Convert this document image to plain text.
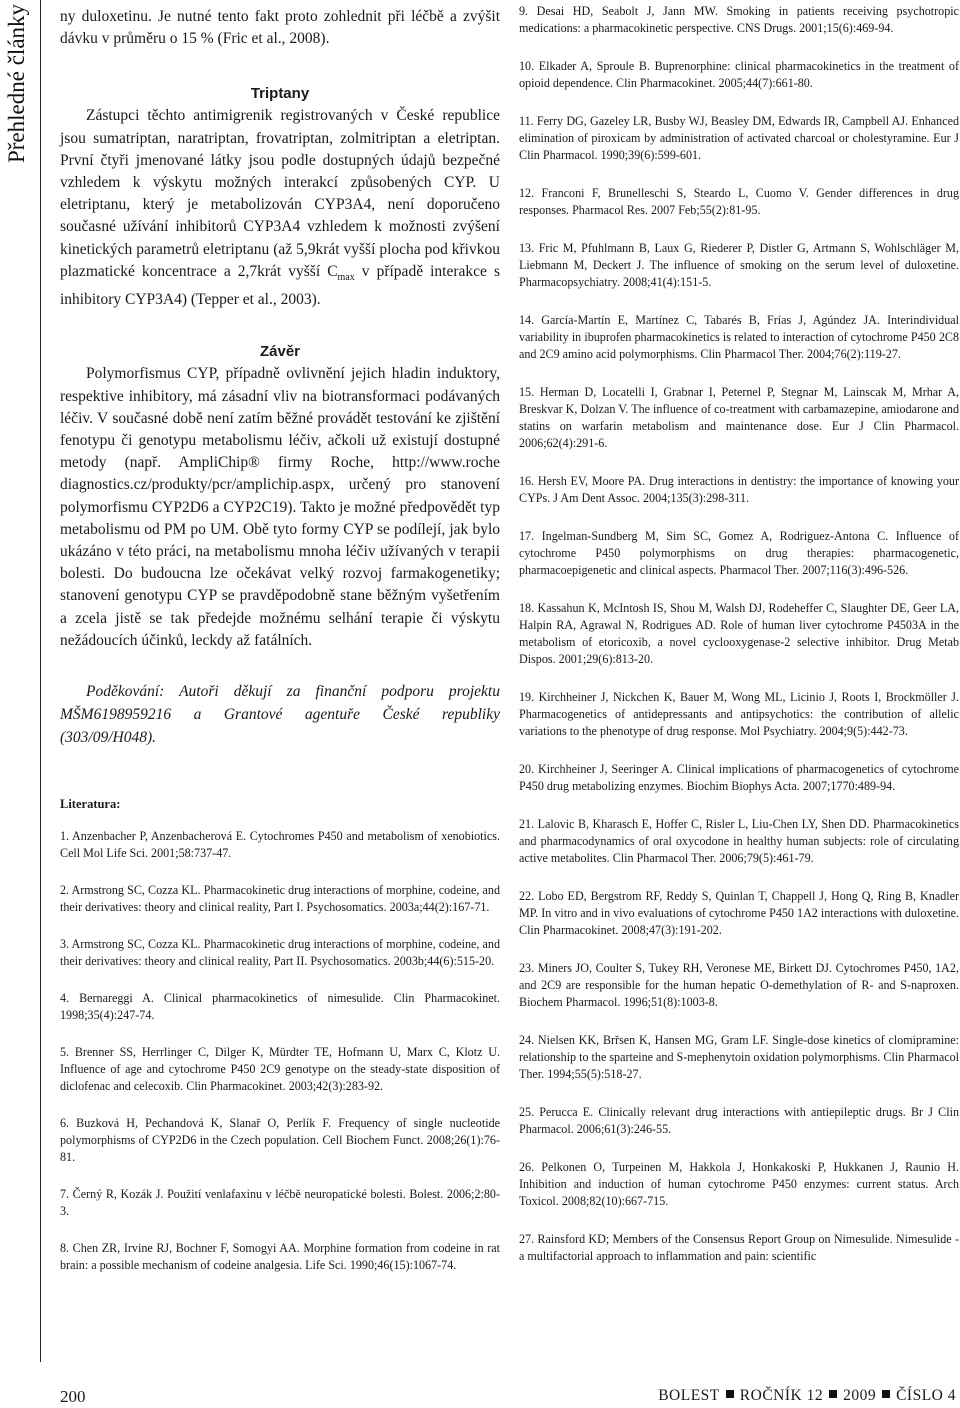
Přehledné články ny duloxetinu. Je nutné tento fakt proto zohlednit při léčbě a zvýšit dávku v průměru o 15 % (Fric et al., 2008).

Triptany

Zástupci těchto antimigrenik registrovaných v České republice jsou sumatriptan, naratriptan, frovatriptan, zolmitriptan a eletriptan. První čtyři jmenované látky jsou podle dostupných údajů bezpečné vzhledem k výskytu možných interakcí způsobených CYP. U eletriptanu, který je metabolizován CYP3A4, není doporučeno současné užívání inhibitorů CYP3A4 vzhledem k možnosti zvýšení kinetických parametrů eletriptanu (až 5,9krát vyšší plocha pod křivkou plazmatické koncentrace a 2,7krát vyšší $C_{max}$ v případě interakce s inhibitory CYP3A4) (Tepper et al., 2003).

Závěr

Polymorfismus CYP, případně ovlivnění jejich hladin induktory, respektive inhibitory, má zásadní vliv na biotransformaci podávaných léčiv. V současné době není zatím běžné provádět testování ke zjištění fenotypu či genotypu metabolismu léčiv, ačkoli už existují dostupné metody (např. AmpliChip® firmy Roche, http://www.roche diagnostics.cz/produkty/pcr/amplichip.aspx, určený pro stanovení polymorfismu CYP2D6 a CYP2C19). Takto je možné předpovědět typ metabolismu od PM po UM. Obě tyto formy CYP se podílejí, jak bylo ukázáno v této práci, na metabolismu mnoha léčiv užívaných v terapii bolesti. Do budoucna lze očekávat velký rozvoj farmakogenetiky; stanovení genotypu CYP se pravděpodobně stane běžným vyšetřením a zcela jistě se tak předejde možnému selhání terapie či výskytu nežádoucích účinků, leckdy až fatálních.

Poděkování: Autoři děkují za finanční podporu projektu MŠM6198959216 a Grantové agentuře České republiky (303/09/H048).

Literatura:

1. Anzenbacher P, Anzenbacherová E. Cytochromes P450 and metabolism of xenobiotics. Cell Mol Life Sci. 2001;58:737-47.

2. Armstrong SC, Cozza KL. Pharmacokinetic drug interactions of morphine, codeine, and their derivatives: theory and clinical reality, Part I. Psychosomatics. 2003a;44(2):167-71.

3. Armstrong SC, Cozza KL. Pharmacokinetic drug interactions of morphine, codeine, and their derivatives: theory and clinical reality, Part II. Psychosomatics. 2003b;44(6):515-20.

4. Bernareggi A. Clinical pharmacokinetics of nimesulide. Clin Pharmacokinet. 1998;35(4):247-74.

5. Brenner SS, Herrlinger C, Dilger K, Mürdter TE, Hofmann U, Marx C, Klotz U. Influence of age and cytochrome P450 2C9 genotype on the steady-state disposition of diclofenac and celecoxib. Clin Pharmacokinet. 2003;42(3):283-92.

6. Buzková H, Pechandová K, Slanař O, Perlík F. Frequency of single nucleotide polymorphisms of CYP2D6 in the Czech population. Cell Biochem Funct. 2008;26(1):76-81.

7. Černý R, Kozák J. Použití venlafaxinu v léčbě neuropatické bolesti. Bolest. 2006;2:80-3.

8. Chen ZR, Irvine RJ, Bochner F, Somogyi AA. Morphine formation from codeine in rat brain: a possible mechanism of codeine analgesia. Life Sci. 1990;46(15):1067-74.

9. Desai HD, Seabolt J, Jann MW. Smoking in patients receiving psychotropic medications: a pharmacokinetic perspective. CNS Drugs. 2001;15(6):469-94.

10. Elkader A, Sproule B. Buprenorphine: clinical pharmacokinetics in the treatment of opioid dependence. Clin Pharmacokinet. 2005;44(7):661-80.

11. Ferry DG, Gazeley LR, Busby WJ, Beasley DM, Edwards IR, Campbell AJ. Enhanced elimination of piroxicam by administration of activated charcoal or cholestyramine. Eur J Clin Pharmacol. 1990;39(6):599-601.

12. Franconi F, Brunelleschi S, Steardo L, Cuomo V. Gender differences in drug responses. Pharmacol Res. 2007 Feb;55(2):81-95.

13. Fric M, Pfuhlmann B, Laux G, Riederer P, Distler G, Artmann S, Wohlschläger M, Liebmann M, Deckert J. The influence of smoking on the serum level of duloxetine. Pharmacopsychiatry. 2008;41(4):151-5.

14. García-Martín E, Martínez C, Tabarés B, Frías J, Agúndez JA. Interindividual variability in ibuprofen pharmacokinetics is related to interaction of cytochrome P450 2C8 and 2C9 amino acid polymorphisms. Clin Pharmacol Ther. 2004;76(2):119-27.

15. Herman D, Locatelli I, Grabnar I, Peternel P, Stegnar M, Lainscak M, Mrhar A, Breskvar K, Dolzan V. The influence of co-treatment with carbamazepine, amiodarone and statins on warfarin metabolism and maintenance dose. Eur J Clin Pharmacol. 2006;62(4):291-6.

16. Hersh EV, Moore PA. Drug interactions in dentistry: the importance of knowing your CYPs. J Am Dent Assoc. 2004;135(3):298-311.

17. Ingelman-Sundberg M, Sim SC, Gomez A, Rodriguez-Antona C. Influence of cytochrome P450 polymorphisms on drug therapies: pharmacogenetic, pharmacoepigenetic and clinical aspects. Pharmacol Ther. 2007;116(3):496-526.

18. Kassahun K, McIntosh IS, Shou M, Walsh DJ, Rodeheffer C, Slaughter DE, Geer LA, Halpin RA, Agrawal N, Rodrigues AD. Role of human liver cytochrome P4503A in the metabolism of etoricoxib, a novel cyclooxygenase-2 selective inhibitor. Drug Metab Dispos. 2001;29(6):813-20.

19. Kirchheiner J, Nickchen K, Bauer M, Wong ML, Licinio J, Roots I, Brockmöller J. Pharmacogenetics of antidepressants and antipsychotics: the contribution of allelic variations to the phenotype of drug response. Mol Psychiatry. 2004;9(5):442-73.

20. Kirchheiner J, Seeringer A. Clinical implications of pharmacogenetics of cytochrome P450 drug metabolizing enzymes. Biochim Biophys Acta. 2007;1770:489-94.

21. Lalovic B, Kharasch E, Hoffer C, Risler L, Liu-Chen LY, Shen DD. Pharmacokinetics and pharmacodynamics of oral oxycodone in healthy human subjects: role of circulating active metabolites. Clin Pharmacol Ther. 2006;79(5):461-79.

22. Lobo ED, Bergstrom RF, Reddy S, Quinlan T, Chappell J, Hong Q, Ring B, Knadler MP. In vitro and in vivo evaluations of cytochrome P450 1A2 interactions with duloxetine. Clin Pharmacokinet. 2008;47(3):191-202.

23. Miners JO, Coulter S, Tukey RH, Veronese ME, Birkett DJ. Cytochromes P450, 1A2, and 2C9 are responsible for the human hepatic O-demethylation of R- and S-naproxen. Biochem Pharmacol. 1996;51(8):1003-8.

24. Nielsen KK, Brřsen K, Hansen MG, Gram LF. Single-dose kinetics of clomipramine: relationship to the sparteine and S-mephenytoin oxidation polymorphisms. Clin Pharmacol Ther. 1994;55(5):518-27.

25. Perucca E. Clinically relevant drug interactions with antiepileptic drugs. Br J Clin Pharmacol. 2006;61(3):246-55.

26. Pelkonen O, Turpeinen M, Hakkola J, Honkakoski P, Hukkanen J, Raunio H. Inhibition and induction of human cytochrome P450 enzymes: current status. Arch Toxicol. 2008;82(10):667-715.

27. Rainsford KD; Members of the Consensus Report Group on Nimesulide. Nimesulide - a multifactorial approach to inflammation and pain: scientific

200	BOLEST ROČNÍK 12 2009 ČÍSLO 4
